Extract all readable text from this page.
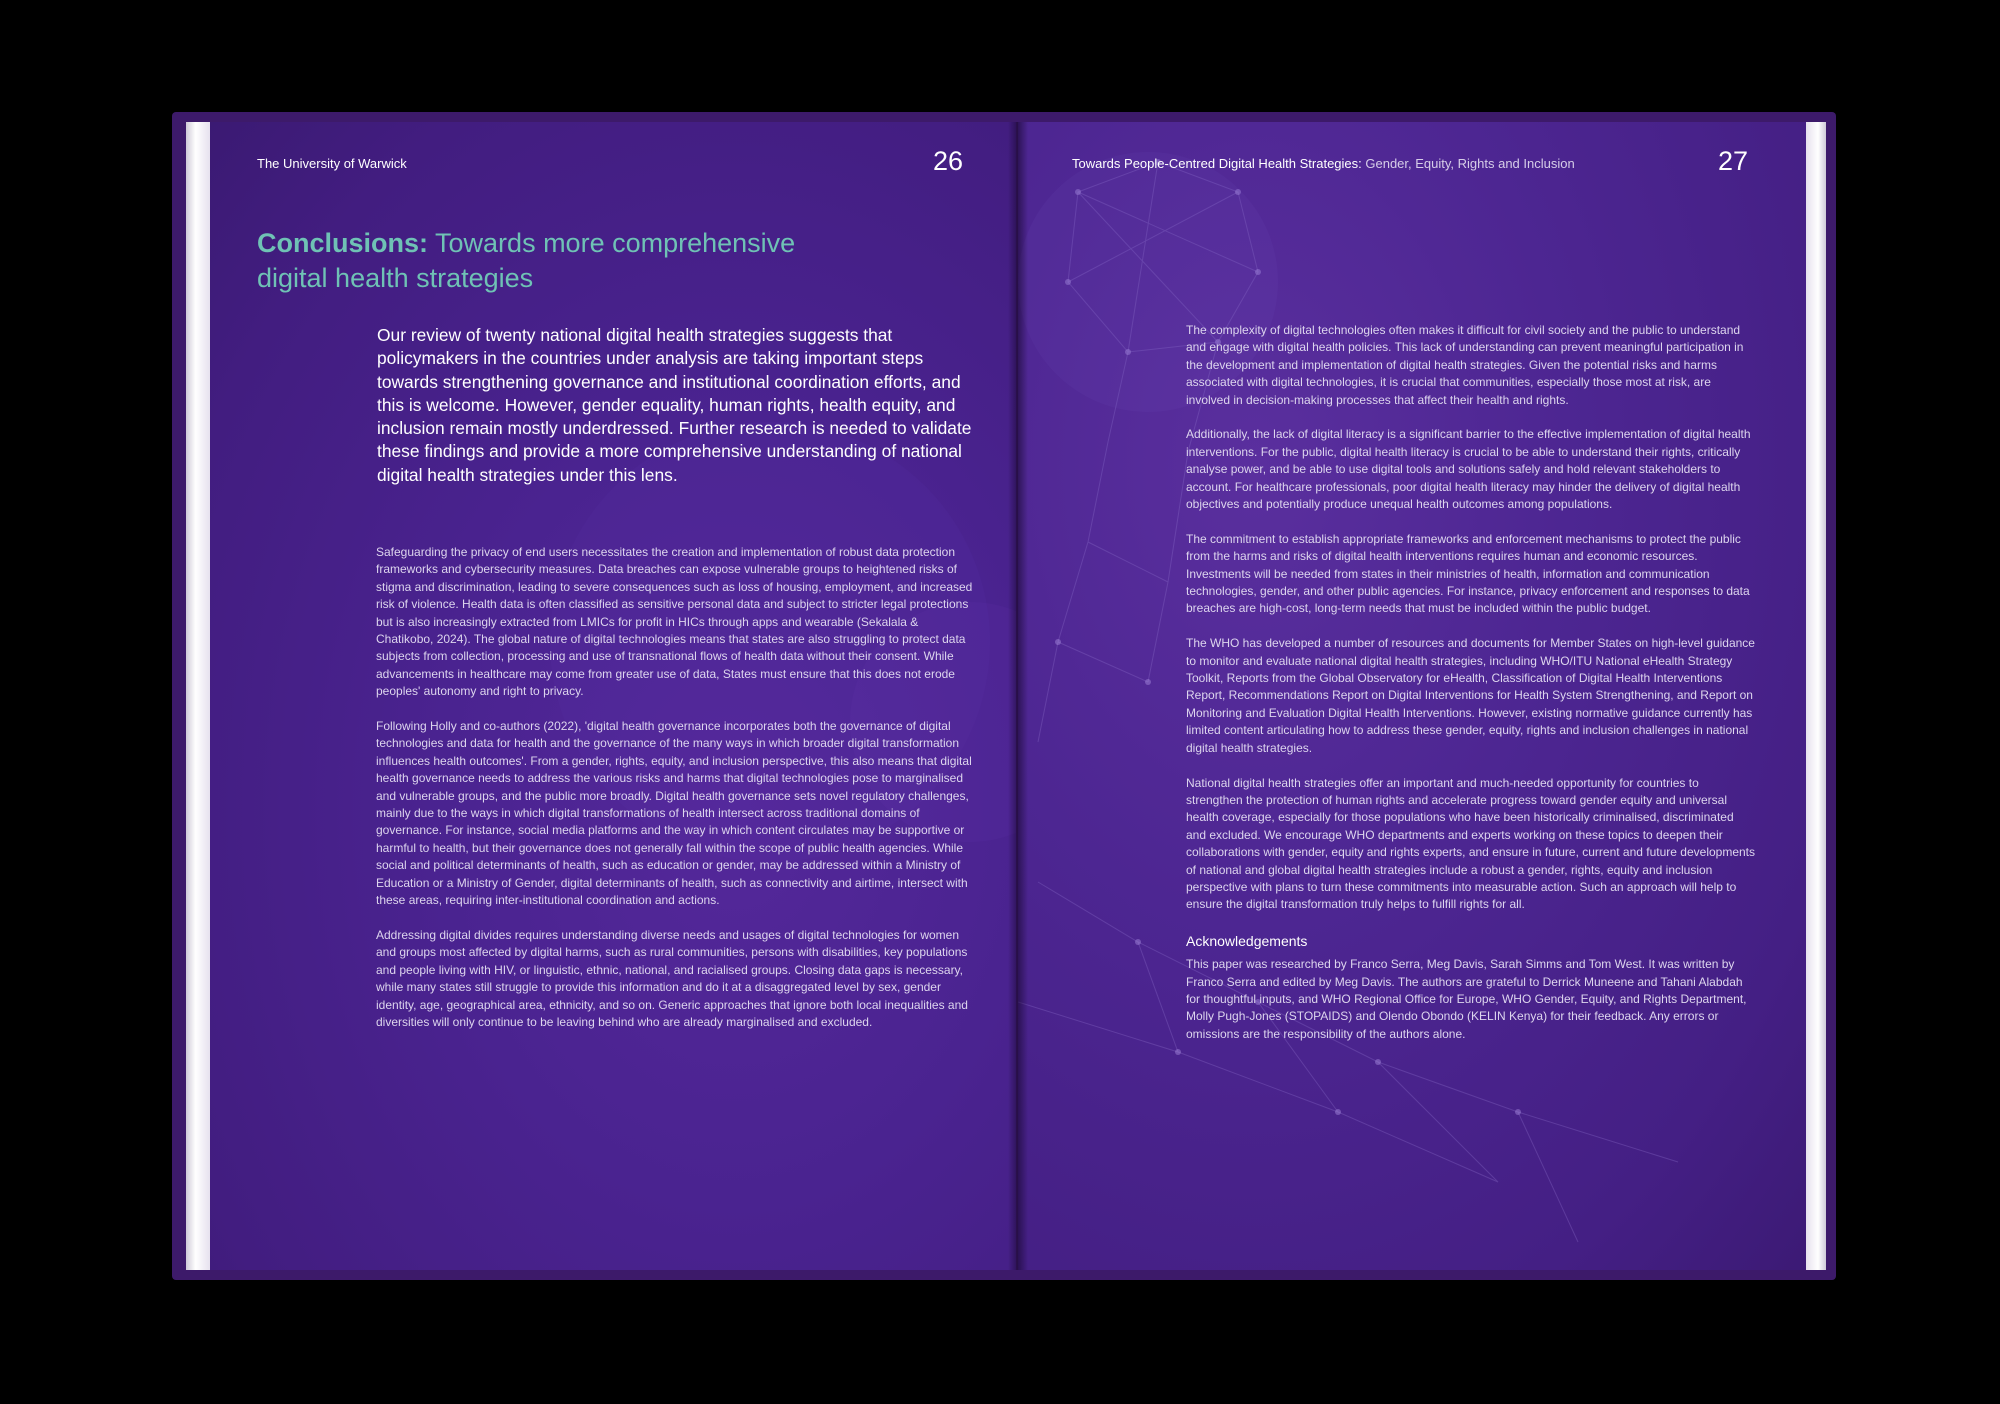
The University of Warwick	26
Conclusions: Towards more comprehensive digital health strategies

Our review of twenty national digital health strategies suggests that policymakers in the countries under analysis are taking important steps towards strengthening governance and institutional coordination efforts, and this is welcome. However, gender equality, human rights, health equity, and inclusion remain mostly underdressed. Further research is needed to validate these findings and provide a more comprehensive understanding of national digital health strategies under this lens.

Safeguarding the privacy of end users necessitates the creation and implementation of robust data protection frameworks and cybersecurity measures. Data breaches can expose vulnerable groups to heightened risks of stigma and discrimination, leading to severe consequences such as loss of housing, employment, and increased risk of violence. Health data is often classified as sensitive personal data and subject to stricter legal protections but is also increasingly extracted from LMICs for profit in HICs through apps and wearable (Sekalala & Chatikobo, 2024). The global nature of digital technologies means that states are also struggling to protect data subjects from collection, processing and use of transnational flows of health data without their consent. While advancements in healthcare may come from greater use of data, States must ensure that this does not erode peoples' autonomy and right to privacy.

Following Holly and co-authors (2022), 'digital health governance incorporates both the governance of digital technologies and data for health and the governance of the many ways in which broader digital transformation influences health outcomes'. From a gender, rights, equity, and inclusion perspective, this also means that digital health governance needs to address the various risks and harms that digital technologies pose to marginalised and vulnerable groups, and the public more broadly. Digital health governance sets novel regulatory challenges, mainly due to the ways in which digital transformations of health intersect across traditional domains of governance. For instance, social media platforms and the way in which content circulates may be supportive or harmful to health, but their governance does not generally fall within the scope of public health agencies. While social and political determinants of health, such as education or gender, may be addressed within a Ministry of Education or a Ministry of Gender, digital determinants of health, such as connectivity and airtime, intersect with these areas, requiring inter-institutional coordination and actions.

Addressing digital divides requires understanding diverse needs and usages of digital technologies for women and groups most affected by digital harms, such as rural communities, persons with disabilities, key populations and people living with HIV, or linguistic, ethnic, national, and racialised groups. Closing data gaps is necessary, while many states still struggle to provide this information and do it at a disaggregated level by sex, gender identity, age, geographical area, ethnicity, and so on. Generic approaches that ignore both local inequalities and diversities will only continue to be leaving behind who are already marginalised and excluded.

Towards People-Centred Digital Health Strategies: Gender, Equity, Rights and Inclusion	27

The complexity of digital technologies often makes it difficult for civil society and the public to understand and engage with digital health policies. This lack of understanding can prevent meaningful participation in the development and implementation of digital health strategies. Given the potential risks and harms associated with digital technologies, it is crucial that communities, especially those most at risk, are involved in decision-making processes that affect their health and rights.

Additionally, the lack of digital literacy is a significant barrier to the effective implementation of digital health interventions. For the public, digital health literacy is crucial to be able to understand their rights, critically analyse power, and be able to use digital tools and solutions safely and hold relevant stakeholders to account. For healthcare professionals, poor digital health literacy may hinder the delivery of digital health objectives and potentially produce unequal health outcomes among populations.

The commitment to establish appropriate frameworks and enforcement mechanisms to protect the public from the harms and risks of digital health interventions requires human and economic resources. Investments will be needed from states in their ministries of health, information and communication technologies, gender, and other public agencies. For instance, privacy enforcement and responses to data breaches are high-cost, long-term needs that must be included within the public budget.

The WHO has developed a number of resources and documents for Member States on high-level guidance to monitor and evaluate national digital health strategies, including WHO/ITU National eHealth Strategy Toolkit, Reports from the Global Observatory for eHealth, Classification of Digital Health Interventions Report, Recommendations Report on Digital Interventions for Health System Strengthening, and Report on Monitoring and Evaluation Digital Health Interventions. However, existing normative guidance currently has limited content articulating how to address these gender, equity, rights and inclusion challenges in national digital health strategies.

National digital health strategies offer an important and much-needed opportunity for countries to strengthen the protection of human rights and accelerate progress toward gender equity and universal health coverage, especially for those populations who have been historically criminalised, discriminated and excluded. We encourage WHO departments and experts working on these topics to deepen their collaborations with gender, equity and rights experts, and ensure in future, current and future developments of national and global digital health strategies include a robust a gender, rights, equity and inclusion perspective with plans to turn these commitments into measurable action. Such an approach will help to ensure the digital transformation truly helps to fulfill rights for all.

Acknowledgements

This paper was researched by Franco Serra, Meg Davis, Sarah Simms and Tom West. It was written by Franco Serra and edited by Meg Davis. The authors are grateful to Derrick Muneene and Tahani Alabdah for thoughtful inputs, and WHO Regional Office for Europe, WHO Gender, Equity, and Rights Department, Molly Pugh-Jones (STOPAIDS) and Olendo Obondo (KELIN Kenya) for their feedback. Any errors or omissions are the responsibility of the authors alone.
